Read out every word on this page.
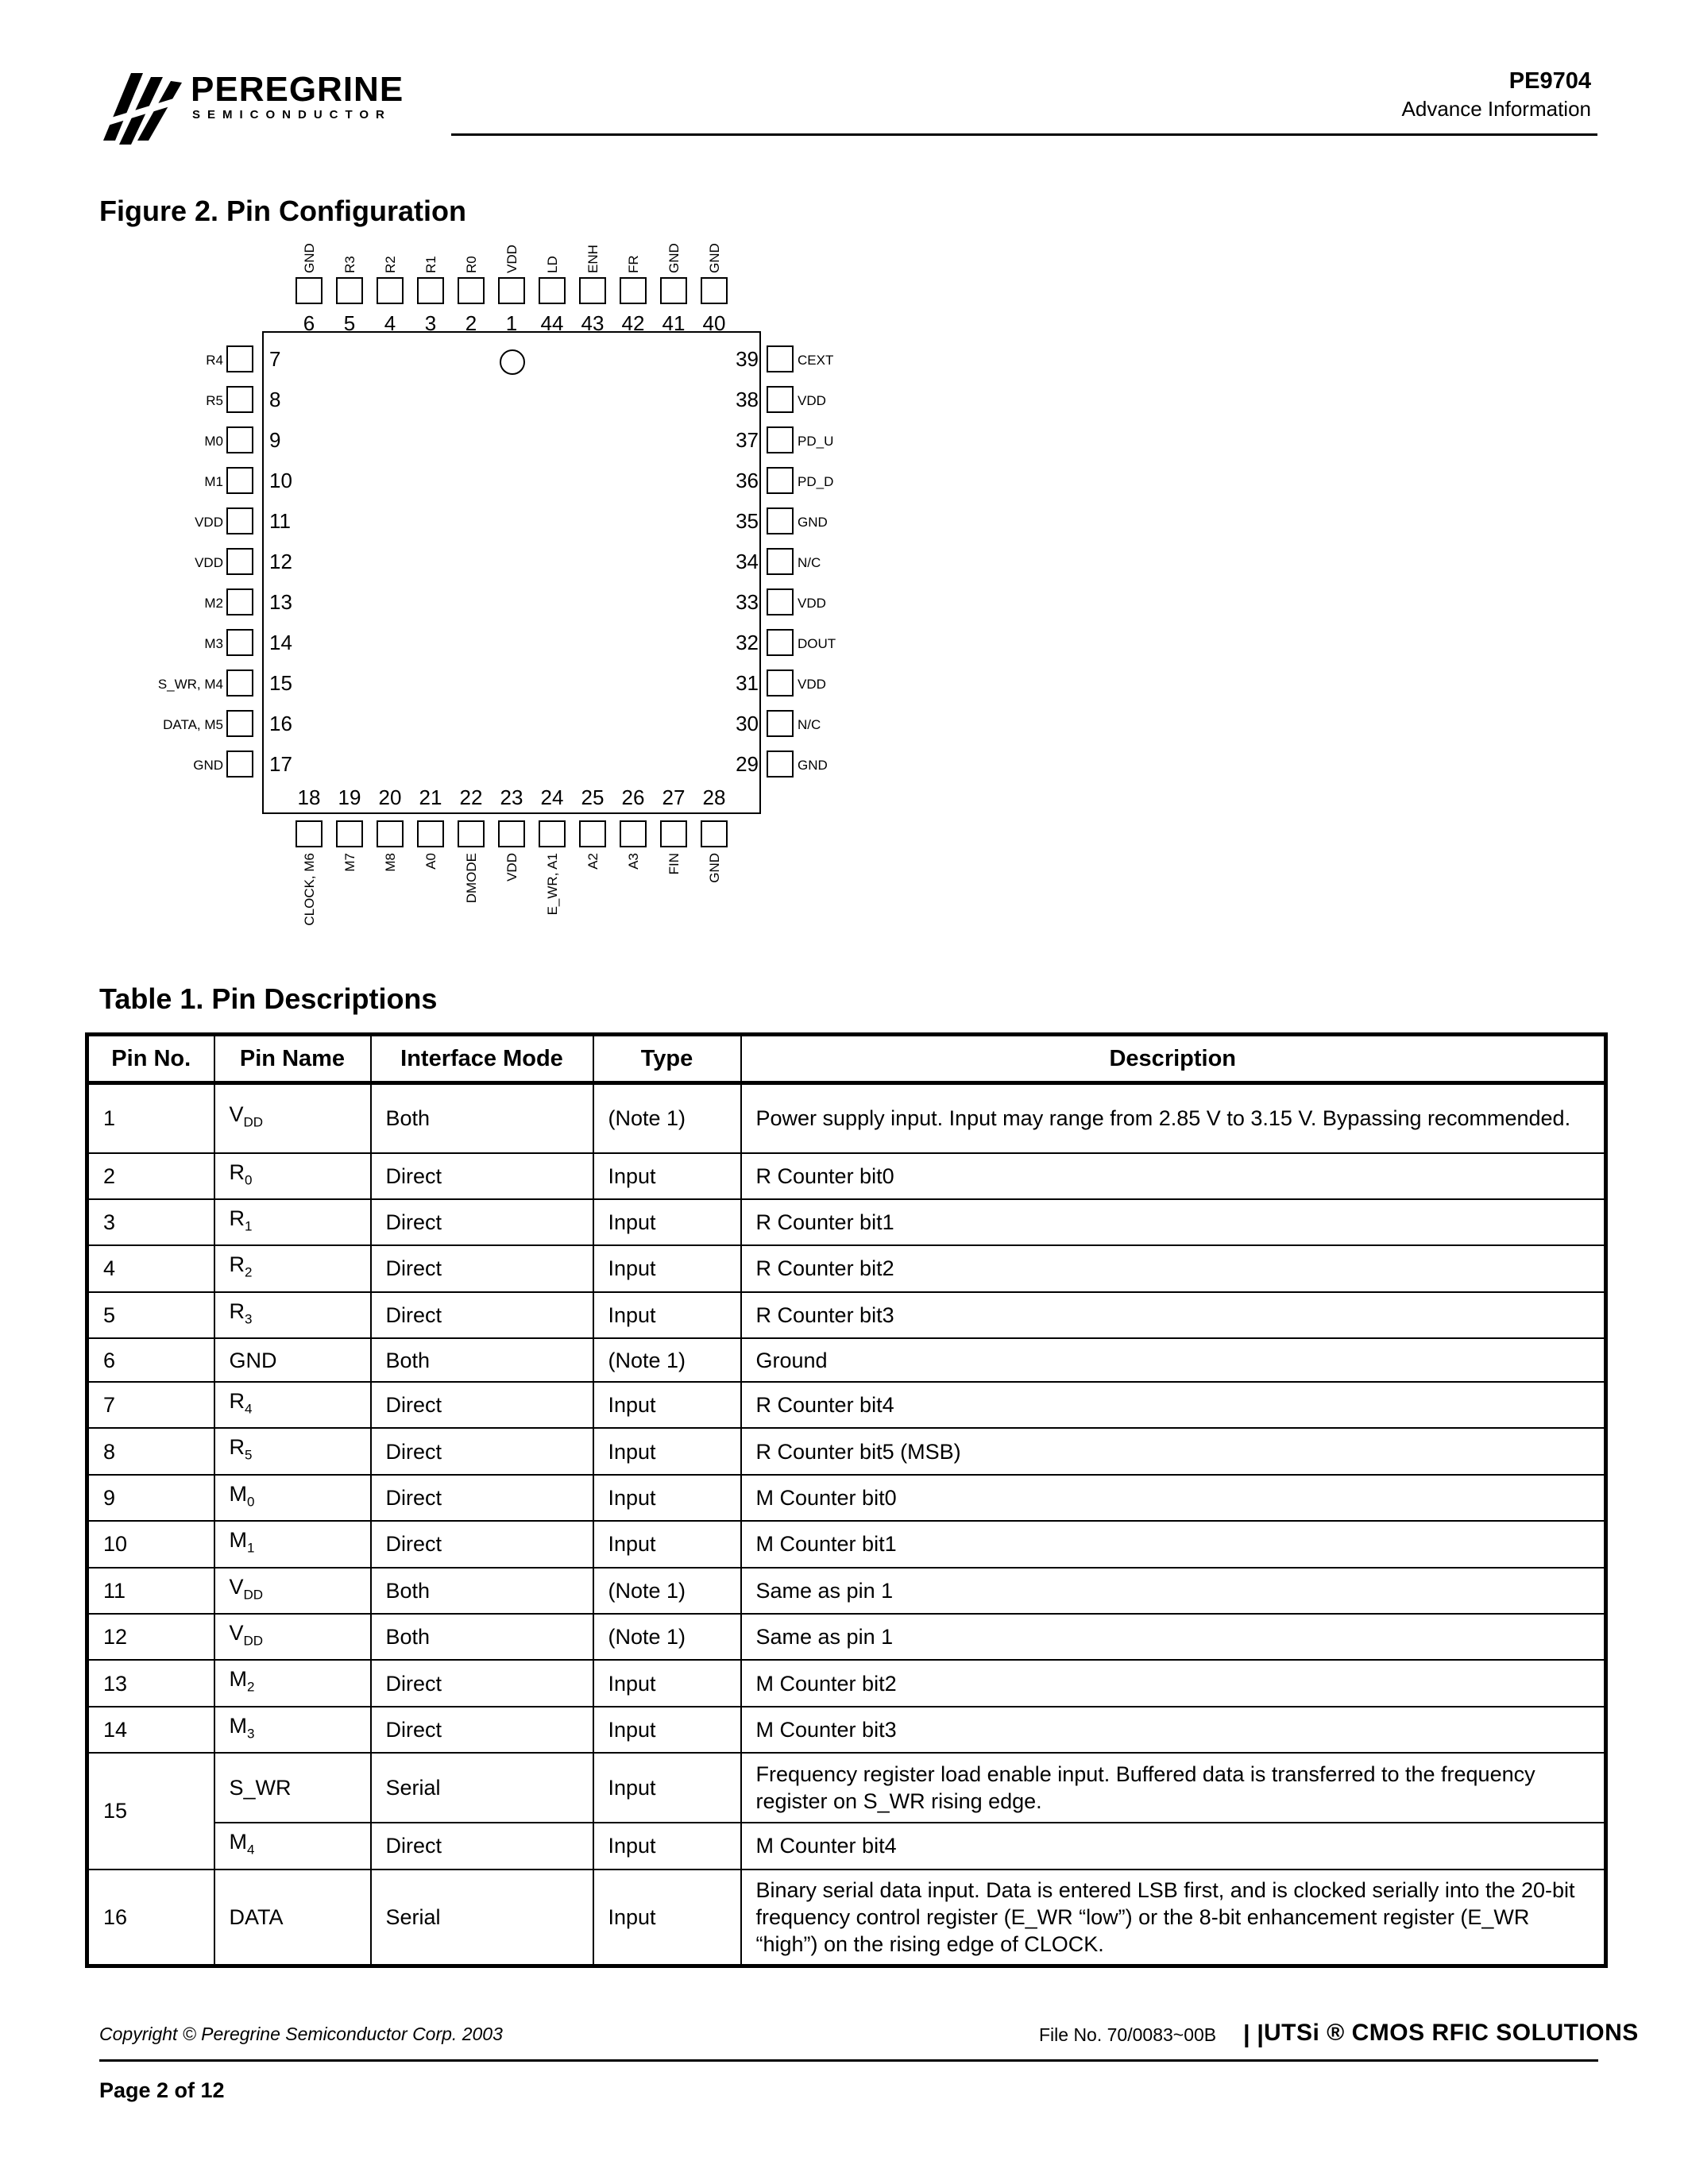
PEREGRINE
SEMICONDUCTOR
PE9704
Advance Information
Figure 2. Pin Configuration
6
GND
5
R3
4
R2
3
R1
2
R0
1
VDD
44
LD
43
ENH
42
FR
41
GND
40
GND
18
CLOCK, M6
19
M7
20
M8
21
A0
22
DMODE
23
VDD
24
E_WR, A1
25
A2
26
A3
27
FIN
28
GND
7
R4
8
R5
9
M0
10
M1
11
VDD
12
VDD
13
M2
14
M3
15
S_WR, M4
16
DATA, M5
17
GND
39	CEXT
38	VDD
37	PD_U
36	PD_D
35	GND
34	N/C
33	VDD
32	DOUT
31	VDD
30	N/C
29	GND
Table 1. Pin Descriptions
Pin No.	Pin Name	Interface Mode	Type	Description
1	$V_{DD}$	Both	(Note 1)	Power supply input. Input may range from 2.85 V to 3.15 V. Bypassing recommended.
2	$R_0$	Direct	Input	R Counter bit0
3	$R_1$	Direct	Input	R Counter bit1
4	$R_2$	Direct	Input	R Counter bit2
5	$R_3$	Direct	Input	R Counter bit3
6	GND	Both	(Note 1)	Ground
7	$R_4$	Direct	Input	R Counter bit4
8	$R_5$	Direct	Input	R Counter bit5 (MSB)
9	$M_0$	Direct	Input	M Counter bit0
10	$M_1$	Direct	Input	M Counter bit1
11	$V_{DD}$	Both	(Note 1)	Same as pin 1
12	$V_{DD}$	Both	(Note 1)	Same as pin 1
13	$M_2$	Direct	Input	M Counter bit2
14	$M_3$	Direct	Input	M Counter bit3
15	S_WR	Serial	Input	Frequency register load enable input. Buffered data is transferred to the frequency register on S_WR rising edge.
	$M_4$	Direct	Input	M Counter bit4
16	DATA	Serial	Input	Binary serial data input. Data is entered LSB first, and is clocked serially into the 20-bit frequency control register (E_WR “low”) or the 8-bit enhancement register (E_WR “high”) on the rising edge of CLOCK.
Copyright © Peregrine Semiconductor Corp. 2003	File No. 70/0083~00B | | UTSi ® CMOS RFIC SOLUTIONS
Page 2 of 12
